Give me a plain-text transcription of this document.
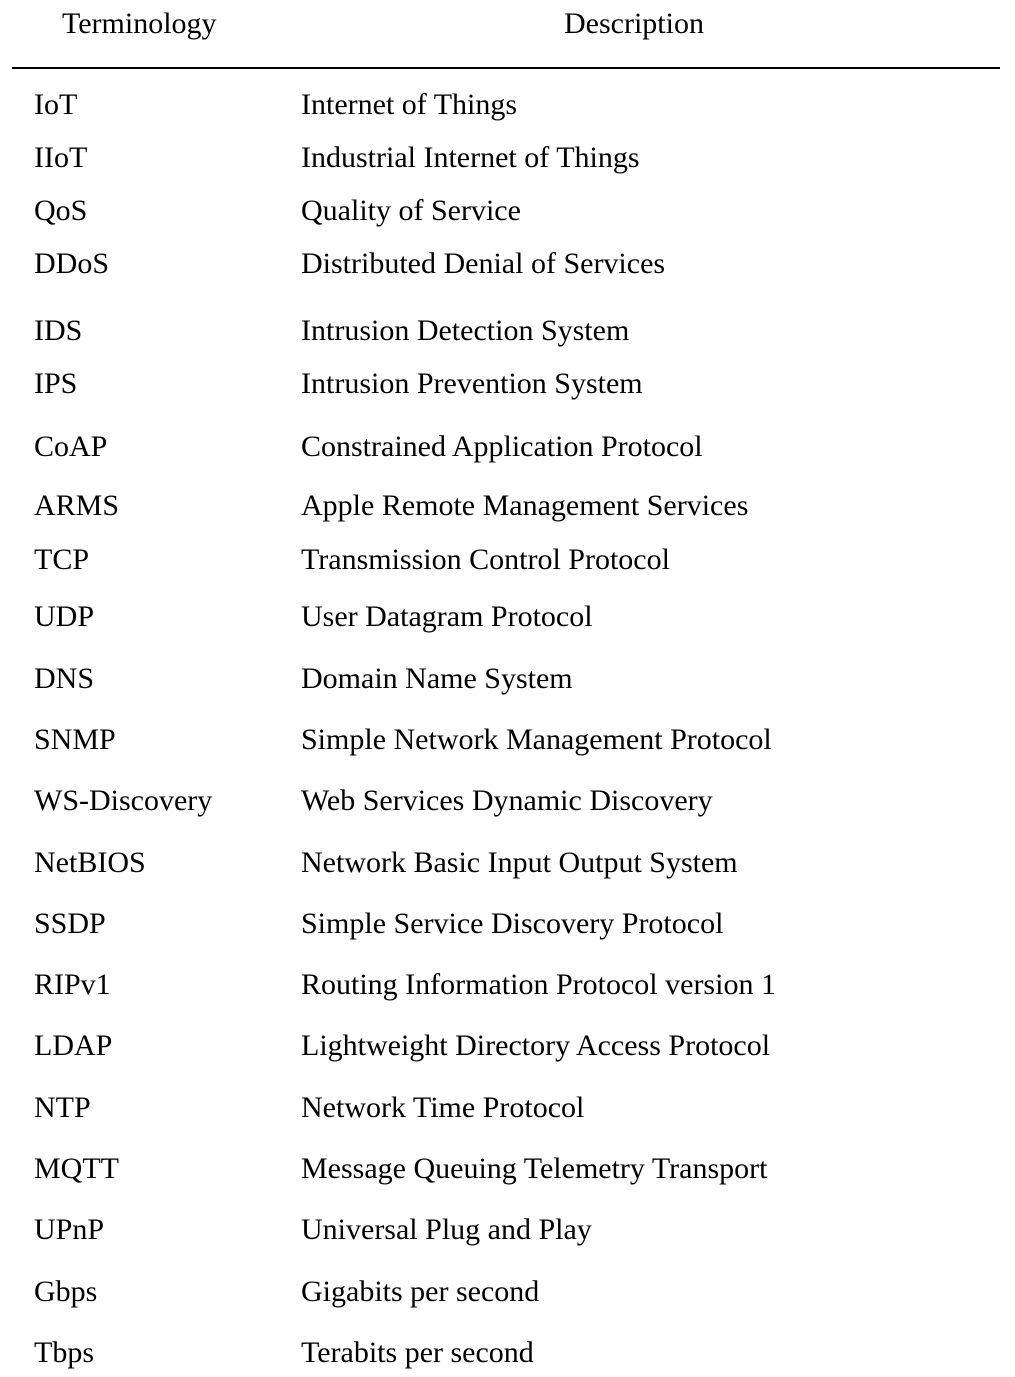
Terminology	Description
IoT	Internet of Things
IIoT	Industrial Internet of Things
QoS	Quality of Service
DDoS	Distributed Denial of Services
IDS	Intrusion Detection System
IPS	Intrusion Prevention System
CoAP	Constrained Application Protocol
ARMS	Apple Remote Management Services
TCP	Transmission Control Protocol
UDP	User Datagram Protocol
DNS	Domain Name System
SNMP	Simple Network Management Protocol
WS-Discovery	Web Services Dynamic Discovery
NetBIOS	Network Basic Input Output System
SSDP	Simple Service Discovery Protocol
RIPv1	Routing Information Protocol version 1
LDAP	Lightweight Directory Access Protocol
NTP	Network Time Protocol
MQTT	Message Queuing Telemetry Transport
UPnP	Universal Plug and Play
Gbps	Gigabits per second
Tbps	Terabits per second
